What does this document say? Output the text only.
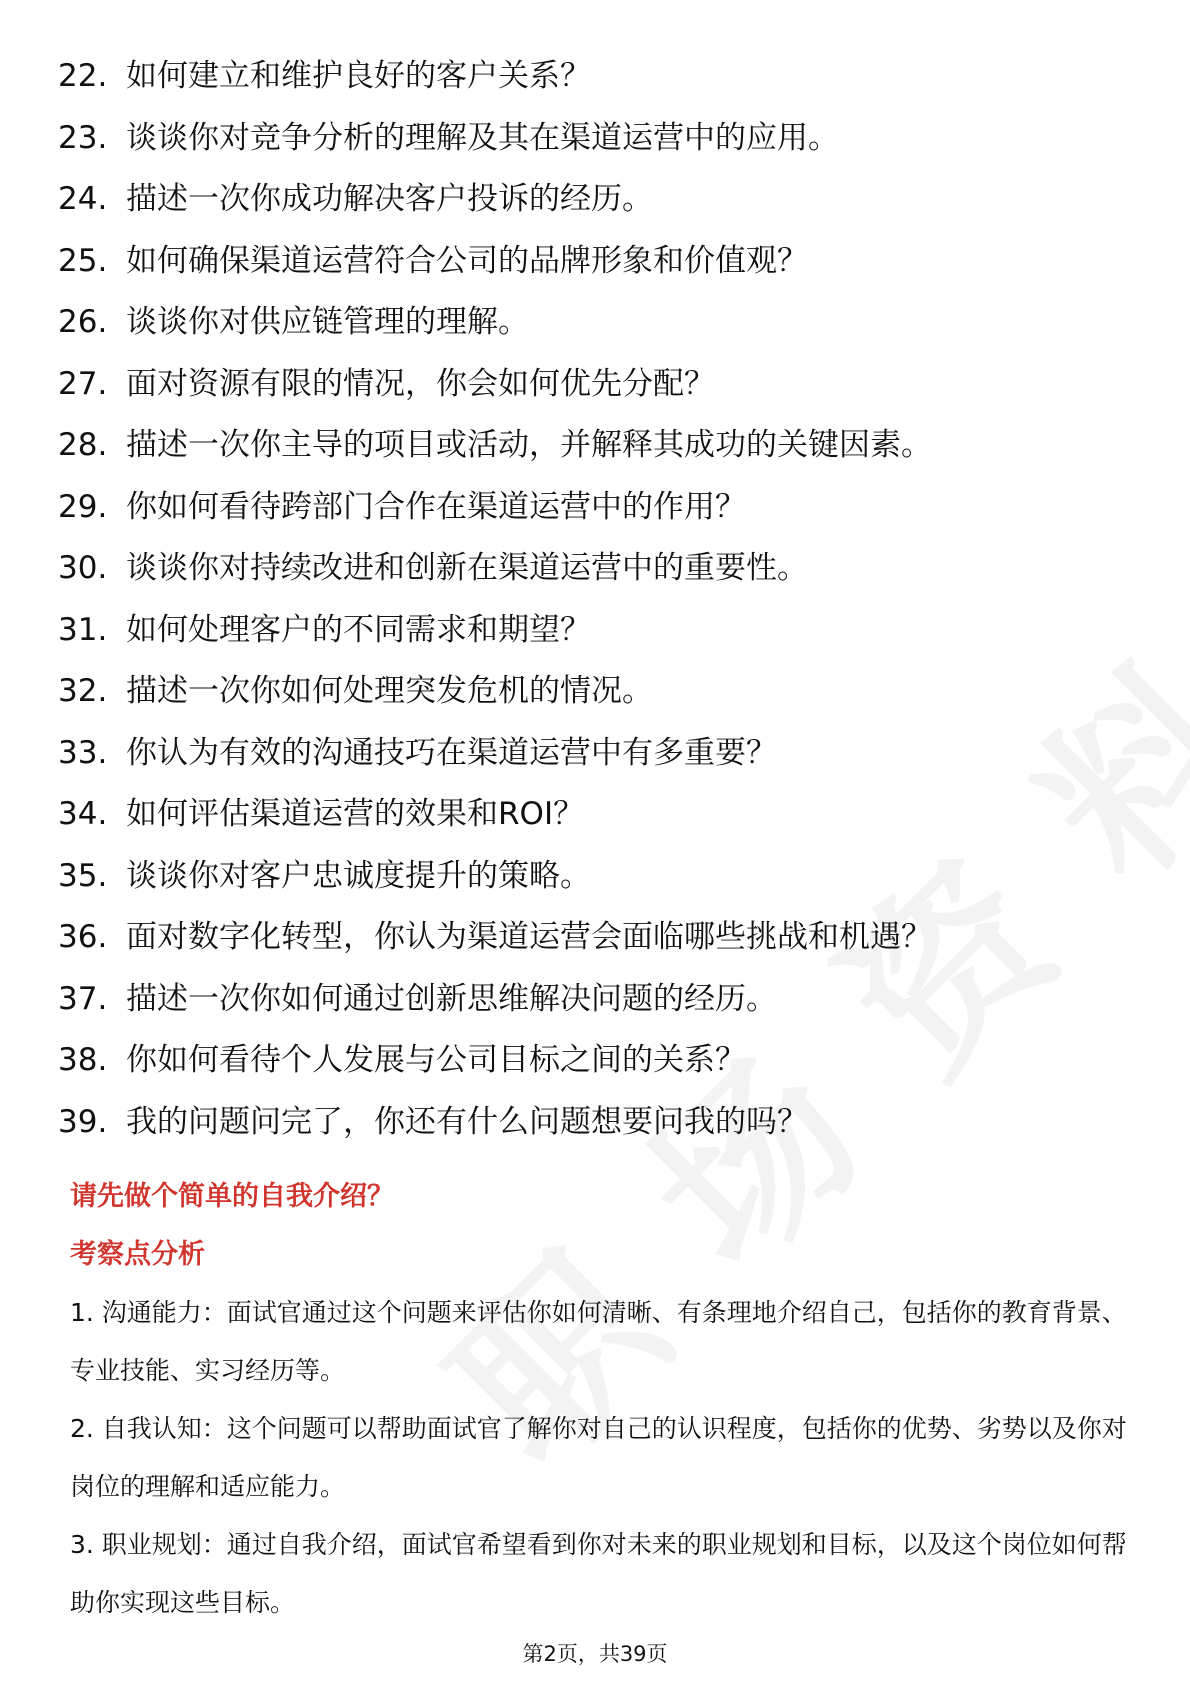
22. 如何建立和维护良好的客户关系？
23. 谈谈你对竞争分析的理解及其在渠道运营中的应用。
24. 描述一次你成功解决客户投诉的经历。
25. 如何确保渠道运营符合公司的品牌形象和价值观？
26. 谈谈你对供应链管理的理解。
27. 面对资源有限的情况，你会如何优先分配？
28. 描述一次你主导的项目或活动，并解释其成功的关键因素。
29. 你如何看待跨部门合作在渠道运营中的作用？
30. 谈谈你对持续改进和创新在渠道运营中的重要性。
31. 如何处理客户的不同需求和期望？
32. 描述一次你如何处理突发危机的情况。
33. 你认为有效的沟通技巧在渠道运营中有多重要？
34. 如何评估渠道运营的效果和ROI？
35. 谈谈你对客户忠诚度提升的策略。
36. 面对数字化转型，你认为渠道运营会面临哪些挑战和机遇？
37. 描述一次你如何通过创新思维解决问题的经历。
38. 你如何看待个人发展与公司目标之间的关系？
39. 我的问题问完了，你还有什么问题想要问我的吗？
请先做个简单的自我介绍？
考察点分析
1. 沟通能力：面试官通过这个问题来评估你如何清晰、有条理地介绍自己，包括你的教育背景、专业技能、实习经历等。
2. 自我认知：这个问题可以帮助面试官了解你对自己的认识程度，包括你的优势、劣势以及你对岗位的理解和适应能力。
3. 职业规划：通过自我介绍，面试官希望看到你对未来的职业规划和目标，以及这个岗位如何帮助你实现这些目标。
第2页，共39页
